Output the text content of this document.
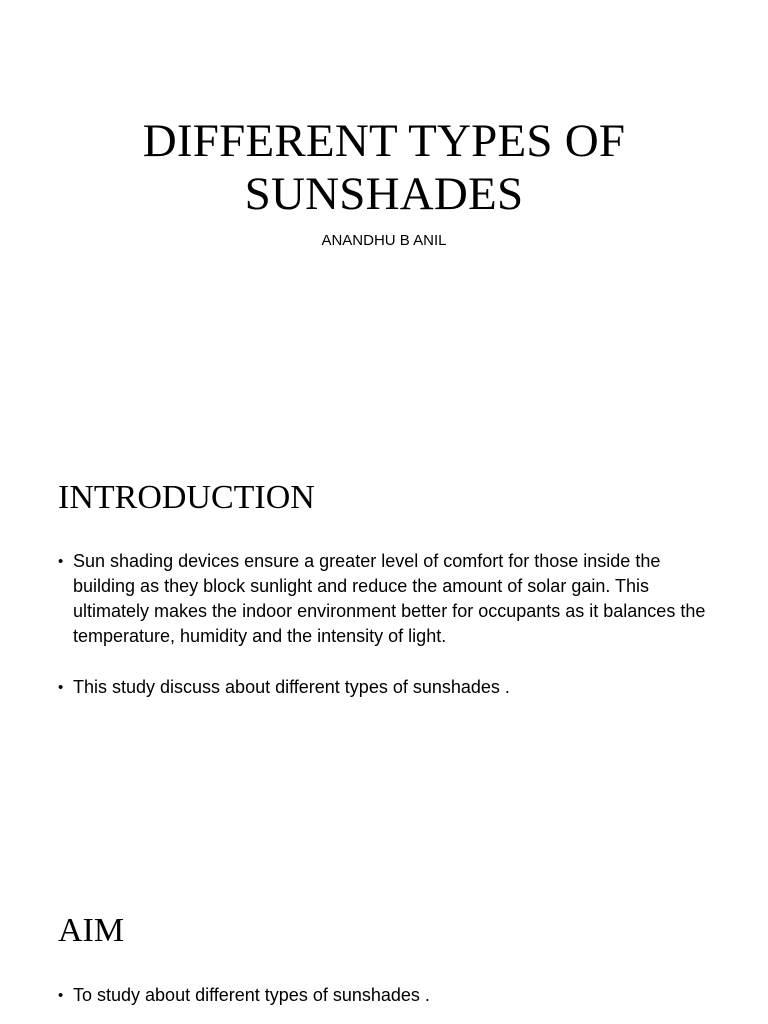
DIFFERENT TYPES OF
SUNSHADES
ANANDHU B ANIL
INTRODUCTION
• Sun shading devices ensure a greater level of comfort for those inside the building as they block sunlight and reduce the amount of solar gain. This ultimately makes the indoor environment better for occupants as it balances the temperature, humidity and the intensity of light.
• This study discuss about different types of sunshades .
AIM
• To study about different types of sunshades .
